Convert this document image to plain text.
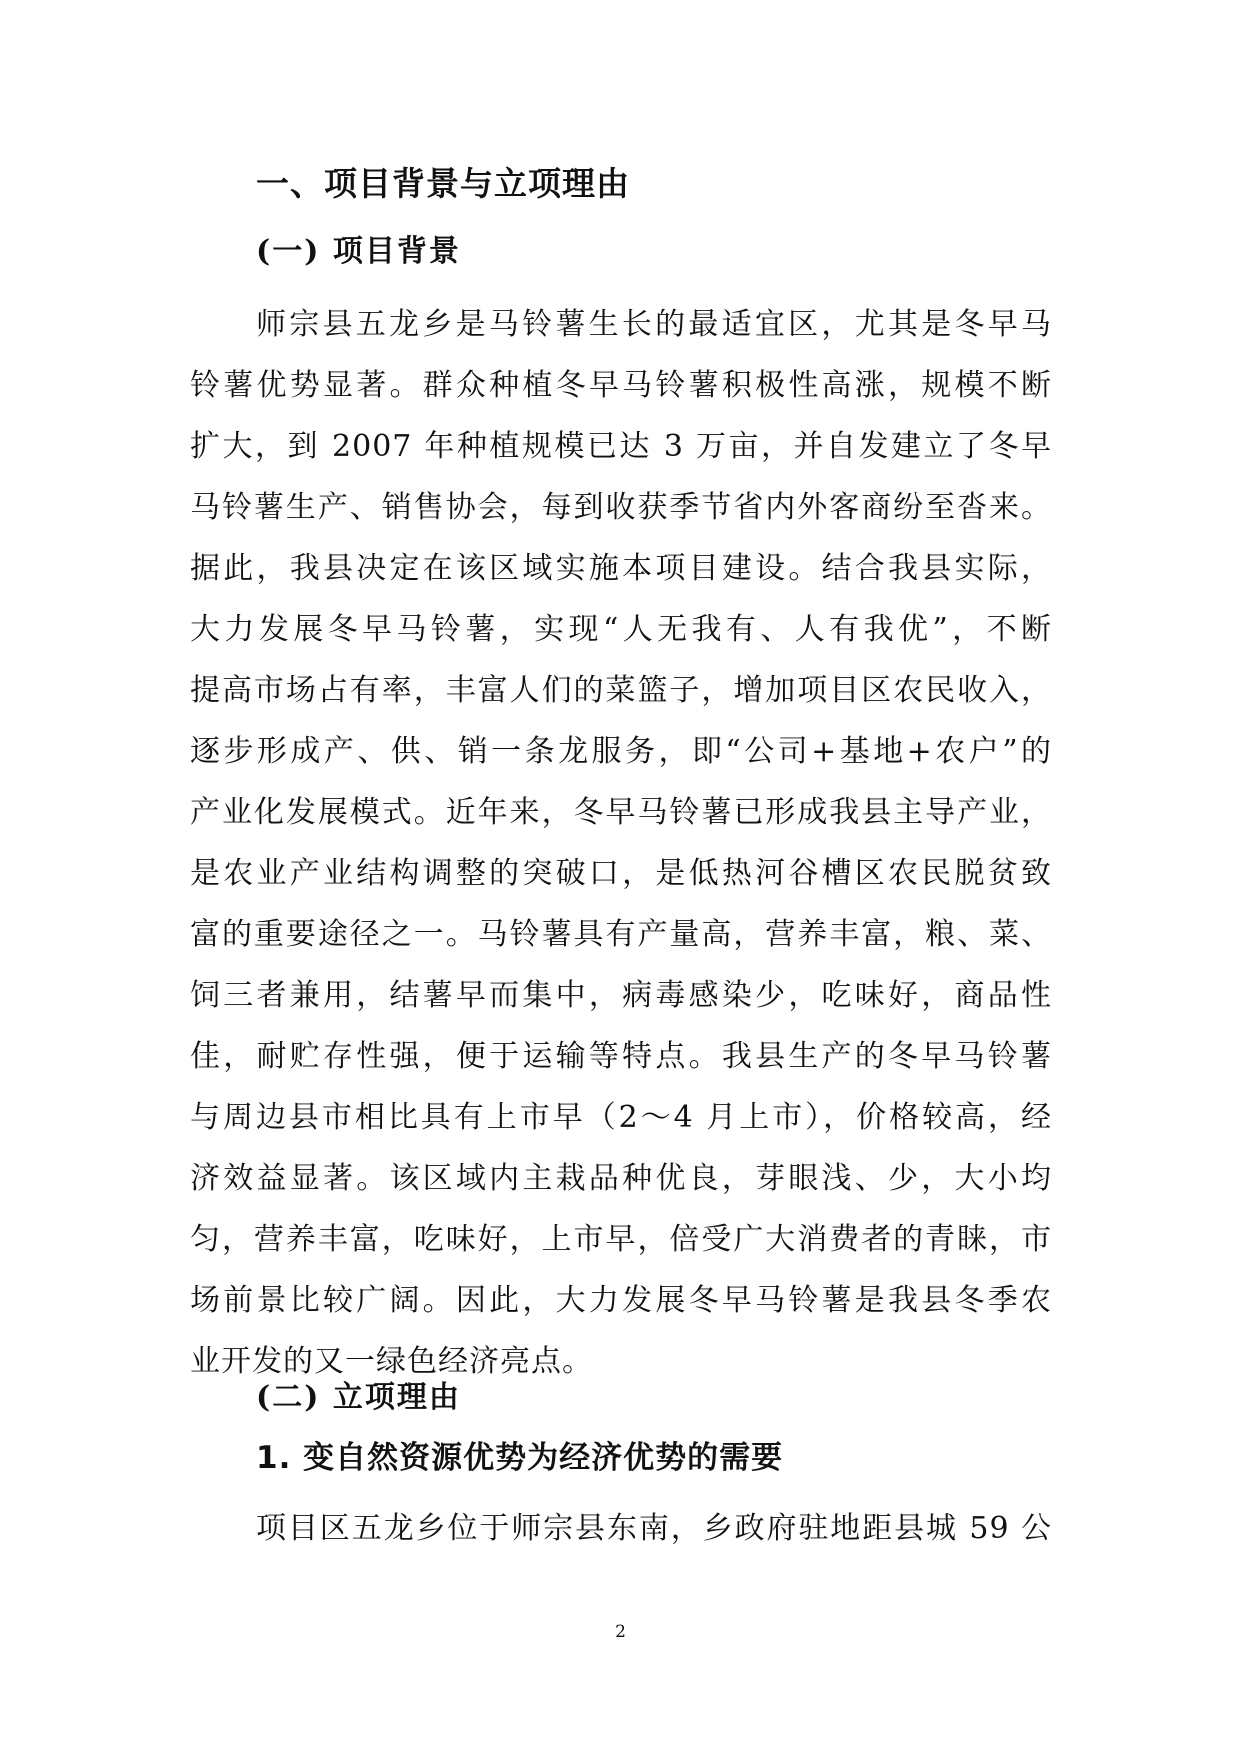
一、项目背景与立项理由
(一) 项目背景
师宗县五龙乡是马铃薯生长的最适宜区，尤其是冬早马
铃薯优势显著。群众种植冬早马铃薯积极性高涨，规模不断
扩大，到 2007 年种植规模已达 3 万亩，并自发建立了冬早
马铃薯生产、销售协会，每到收获季节省内外客商纷至沓来。
据此，我县决定在该区域实施本项目建设。结合我县实际，
大力发展冬早马铃薯，实现“人无我有、人有我优”，不断
提高市场占有率，丰富人们的菜篮子，增加项目区农民收入，
逐步形成产、供、销一条龙服务，即“公司+基地+农户”的
产业化发展模式。近年来，冬早马铃薯已形成我县主导产业，
是农业产业结构调整的突破口，是低热河谷槽区农民脱贫致
富的重要途径之一。马铃薯具有产量高，营养丰富，粮、菜、
饲三者兼用，结薯早而集中，病毒感染少，吃味好，商品性
佳，耐贮存性强，便于运输等特点。我县生产的冬早马铃薯
与周边县市相比具有上市早（2～4 月上市），价格较高，经
济效益显著。该区域内主栽品种优良，芽眼浅、少，大小均
匀，营养丰富，吃味好，上市早，倍受广大消费者的青睐，市
场前景比较广阔。因此，大力发展冬早马铃薯是我县冬季农
业开发的又一绿色经济亮点。
(二) 立项理由
1. 变自然资源优势为经济优势的需要
项目区五龙乡位于师宗县东南，乡政府驻地距县城 59 公

2
